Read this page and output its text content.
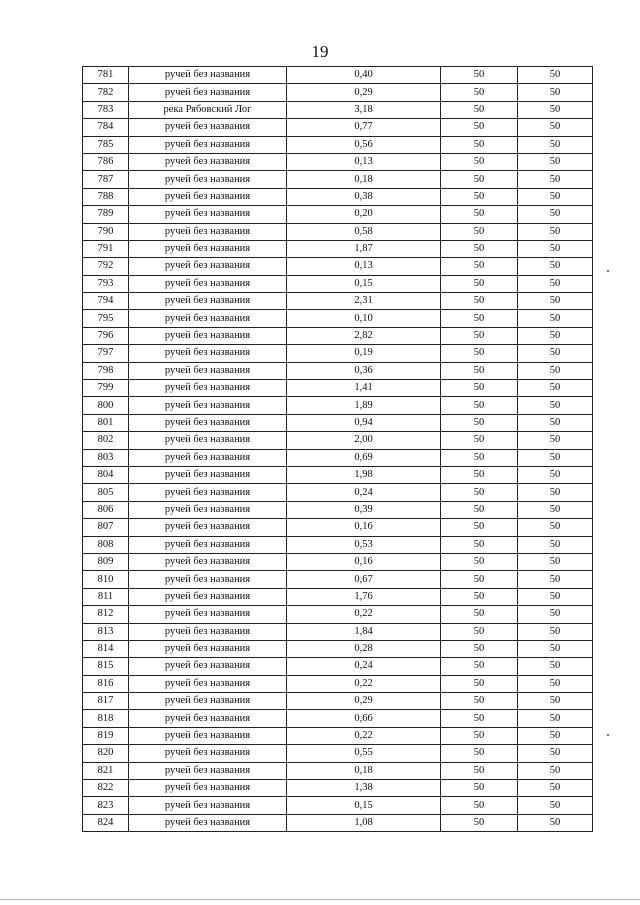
19
781	ручей без названия	0,40	50	50
782	ручей без названия	0,29	50	50
783	река Рябовский Лог	3,18	50	50
784	ручей без названия	0,77	50	50
785	ручей без названия	0,56	50	50
786	ручей без названия	0,13	50	50
787	ручей без названия	0,18	50	50
788	ручей без названия	0,38	50	50
789	ручей без названия	0,20	50	50
790	ручей без названия	0,58	50	50
791	ручей без названия	1,87	50	50
792	ручей без названия	0,13	50	50
793	ручей без названия	0,15	50	50
794	ручей без названия	2,31	50	50
795	ручей без названия	0,10	50	50
796	ручей без названия	2,82	50	50
797	ручей без названия	0,19	50	50
798	ручей без названия	0,36	50	50
799	ручей без названия	1,41	50	50
800	ручей без названия	1,89	50	50
801	ручей без названия	0,94	50	50
802	ручей без названия	2,00	50	50
803	ручей без названия	0,69	50	50
804	ручей без названия	1,98	50	50
805	ручей без названия	0,24	50	50
806	ручей без названия	0,39	50	50
807	ручей без названия	0,16	50	50
808	ручей без названия	0,53	50	50
809	ручей без названия	0,16	50	50
810	ручей без названия	0,67	50	50
811	ручей без названия	1,76	50	50
812	ручей без названия	0,22	50	50
813	ручей без названия	1,84	50	50
814	ручей без названия	0,28	50	50
815	ручей без названия	0,24	50	50
816	ручей без названия	0,22	50	50
817	ручей без названия	0,29	50	50
818	ручей без названия	0,66	50	50
819	ручей без названия	0,22	50	50
820	ручей без названия	0,55	50	50
821	ручей без названия	0,18	50	50
822	ручей без названия	1,38	50	50
823	ручей без названия	0,15	50	50
824	ручей без названия	1,08	50	50
